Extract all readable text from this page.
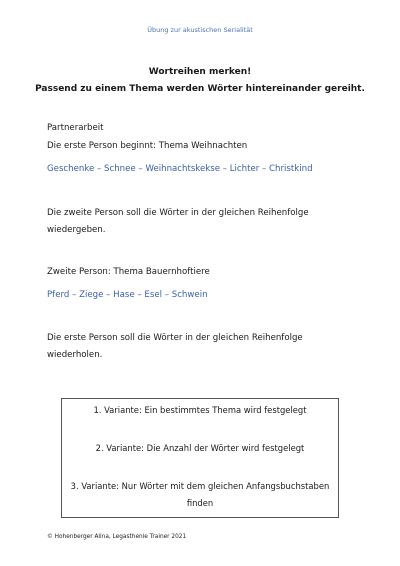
Übung zur akustischen Serialität
Wortreihen merken!
Passend zu einem Thema werden Wörter hintereinander gereiht.
Partnerarbeit
Die erste Person beginnt: Thema Weihnachten
Geschenke – Schnee – Weihnachtskekse – Lichter – Christkind
Die zweite Person soll die Wörter in der gleichen Reihenfolge
wiedergeben.
Zweite Person: Thema Bauernhoftiere
Pferd – Ziege – Hase – Esel – Schwein
Die erste Person soll die Wörter in der gleichen Reihenfolge
wiederholen.
1. Variante: Ein bestimmtes Thema wird festgelegt
2. Variante: Die Anzahl der Wörter wird festgelegt
3. Variante: Nur Wörter mit dem gleichen Anfangsbuchstaben
finden
© Hohenberger Alina, Legasthenie Trainer 2021
